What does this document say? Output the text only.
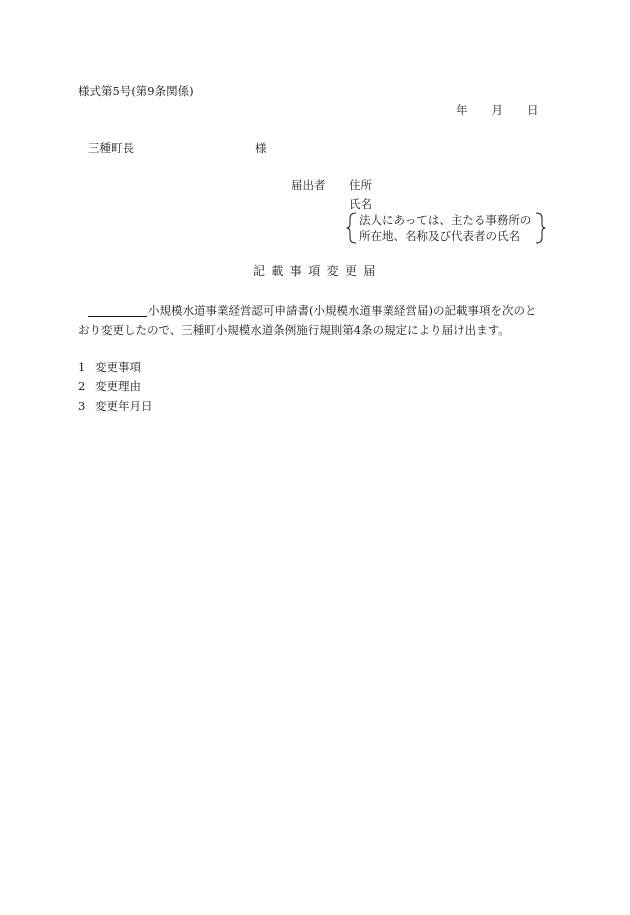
様式第5号(第9条関係)
年 月 日
三種町長	様
届出者 住所
氏名
法人にあっては、主たる事務所の
所在地、名称及び代表者の氏名
記載事項変更届
小規模水道事業経営認可申請書(小規模水道事業経営届)の記載事項を次のと
おり変更したので、三種町小規模水道条例施行規則第4条の規定により届け出ます。
1 変更事項
2 変更理由
3 変更年月日
